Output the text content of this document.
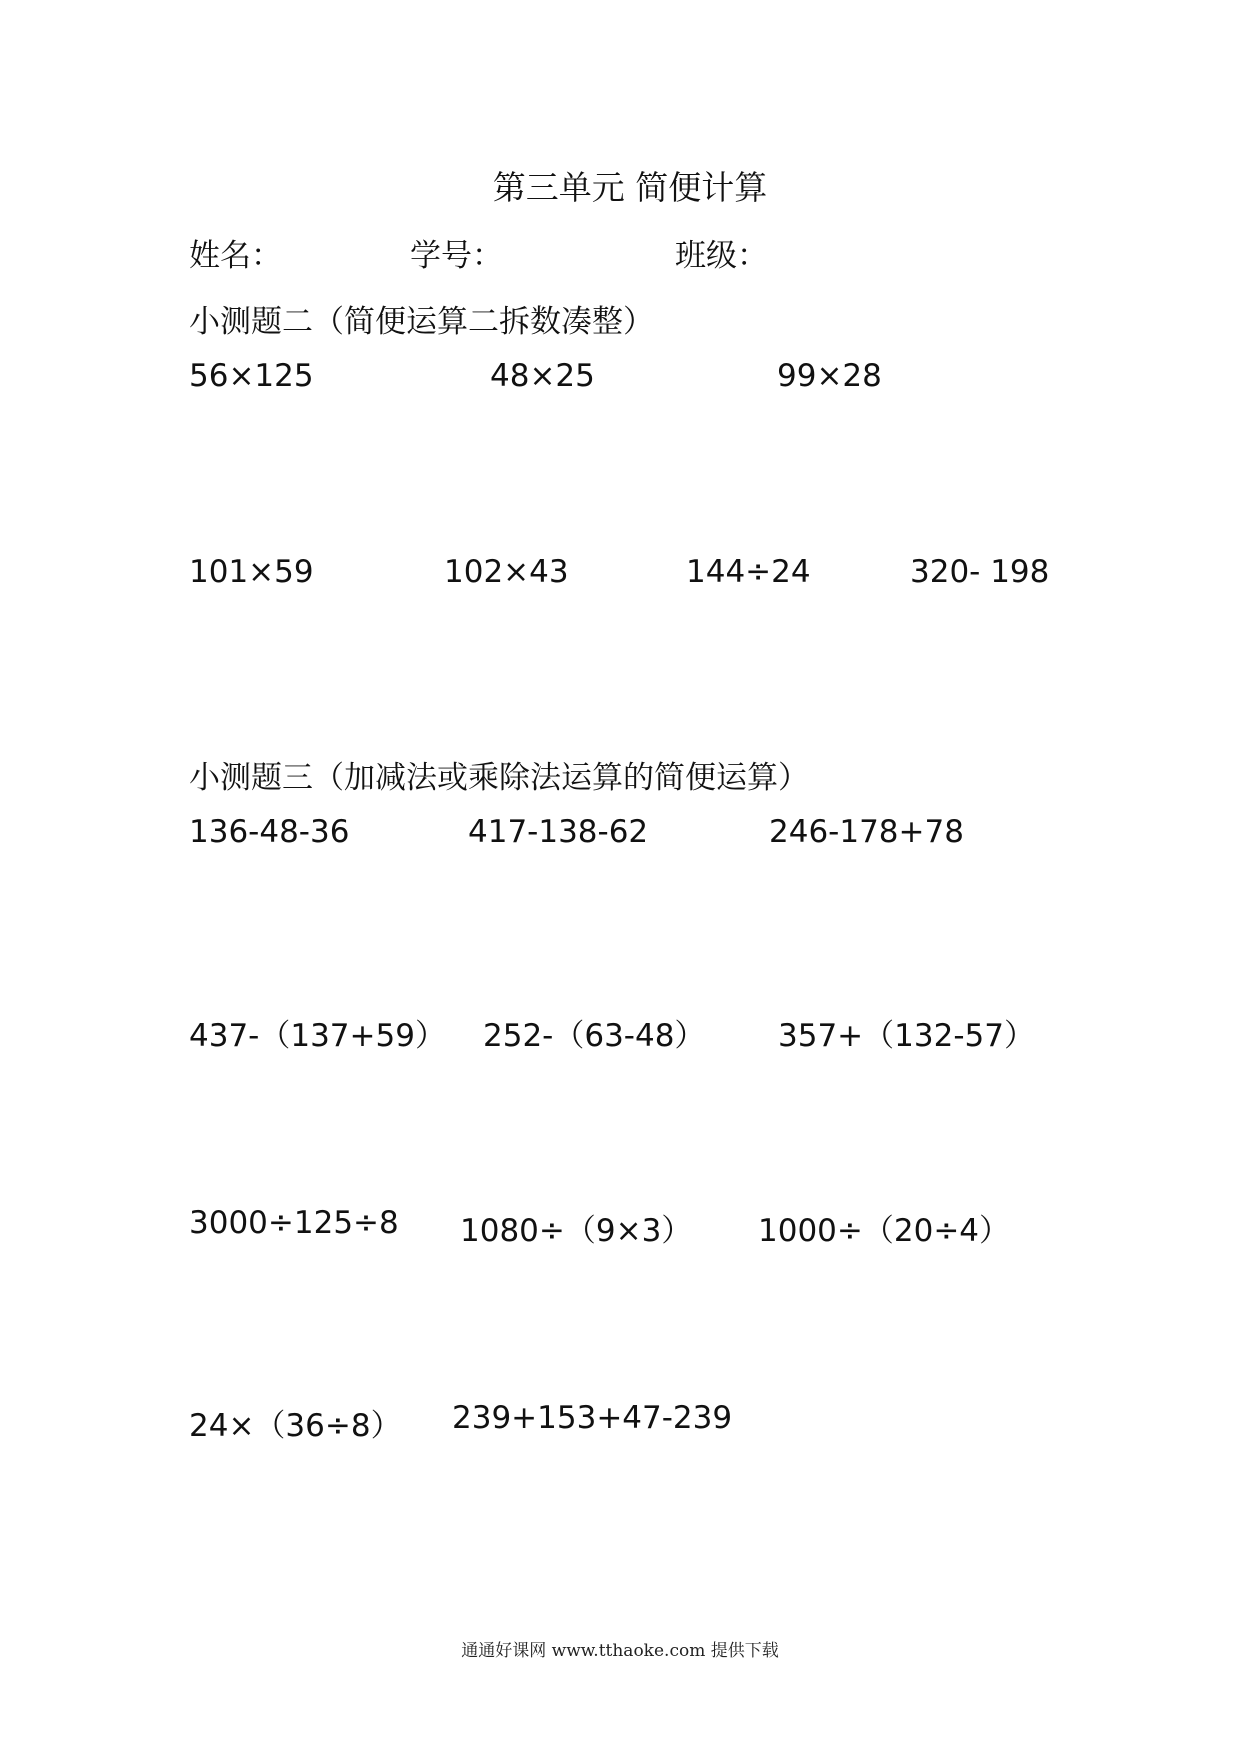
第三单元 简便计算
姓名：	学号：	班级：
小测题二（简便运算二拆数凑整）
56×125	48×25	99×28
101×59	102×43	144÷24	320- 198
小测题三（加减法或乘除法运算的简便运算）
136-48-36	417-138-62	246-178+78
437-（137+59） 252-（63-48） 357+（132-57）
3000÷125÷8 1080÷（9×3） 1000÷（20÷4）
24×（36÷8） 239+153+47-239
通通好课网 www.tthaoke.com 提供下载
